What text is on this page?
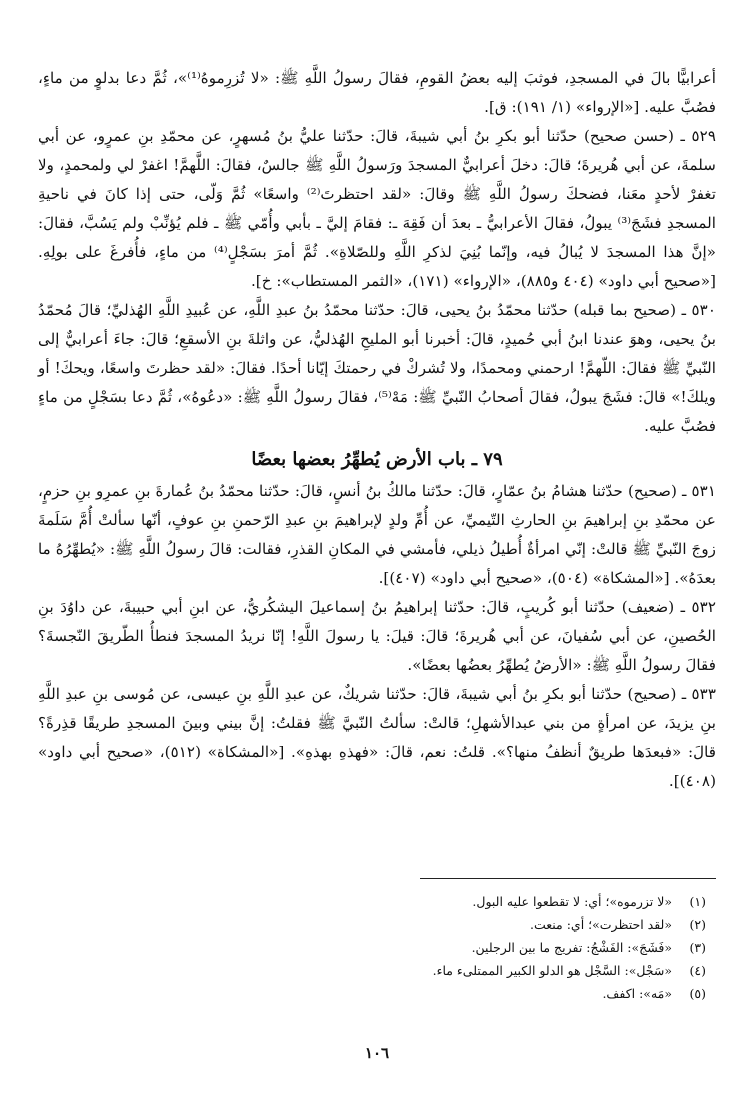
أعرابيًّا بالَ في المسجدِ، فوثبَ إليه بعضُ القومِ، فقالَ رسولُ اللَّهِ ﷺ: «لا تُزرِموهُ⁽¹⁾»، ثُمَّ دعا بدلوٍ من ماءٍ، فصُبَّ عليه. [«الإرواء» (١/ ١٩١): ق].

٥٢٩ ـ (حسن صحيح) حدّثنا أبو بكرِ بنُ أبي شيبةَ، قالَ: حدّثنا عليُّ بنُ مُسهرٍ، عن محمّدِ بنِ عمرٍو، عن أبي سلمةَ، عن أبي هُريرةَ؛ قالَ: دخلَ أعرابيٌّ المسجدَ ورَسولُ اللَّهِ ﷺ جالسٌ، فقالَ: اللَّهمَّ! اغفرْ لي ولمحمدٍ، ولا تغفرْ لأحدٍ معَنا، فضحكَ رسولُ اللَّهِ ﷺ وقالَ: «لقد احتظرتَ⁽²⁾ واسعًا» ثُمَّ وَلّى، حتى إذا كانَ في ناحيةِ المسجدِ فشَجَ⁽³⁾ يبولُ، فقالَ الأعرابيُّ ـ بعدَ أن فَقِهَ ـ: فقامَ إليَّ ـ بأبي وأُمّي ﷺ ـ فلم يُؤنِّبْ ولم يَسُبَّ، فقالَ: «إنَّ هذا المسجدَ لا يُبالُ فيه، وإنّما بُنِيَ لذكرِ اللَّهِ وللصّلاةِ». ثُمَّ أمرَ بسَجْلٍ⁽⁴⁾ من ماءٍ، فأُفرغَ على بولِهِ. [«صحيح أبي داود» (٤٠٤ و٨٨٥)، «الإرواء» (١٧١)، «الثمر المستطاب»: خ].

٥٣٠ ـ (صحيح بما قبله) حدّثنا محمّدُ بنُ يحيى، قالَ: حدّثنا محمّدُ بنُ عبدِ اللَّهِ، عن عُبيدِ اللَّهِ الهُذليِّ؛ قالَ مُحمّدُ بنُ يحيى، وهوَ عندنا ابنُ أبي حُميدٍ، قالَ: أخبرنا أبو المليحِ الهُذليُّ، عن واثلةَ بنِ الأسقعِ؛ قالَ: جاءَ أعرابيٌّ إلى النّبيِّ ﷺ فقالَ: اللّهمَّ! ارحمني ومحمدًا، ولا تُشركْ في رحمتكَ إيّانا أحدًا. فقالَ: «لقد حظرتَ واسعًا، ويحكَ! أو ويلكَ!» قالَ: فشَجَ يبولُ، فقالَ أصحابُ النّبيِّ ﷺ: مَهْ⁽⁵⁾، فقالَ رسولُ اللَّهِ ﷺ: «دعُوهُ»، ثُمَّ دعا بسَجْلٍ من ماءٍ فصُبَّ عليه.

٧٩ ـ باب الأرض يُطهِّرُ بعضها بعضًا

٥٣١ ـ (صحيح) حدّثنا هشامُ بنُ عمّارٍ، قالَ: حدّثنا مالكُ بنُ أنسٍ، قالَ: حدّثنا محمّدُ بنُ عُمارةَ بنِ عمرِو بنِ حزمٍ، عن محمّدِ بنِ إبراهيمَ بنِ الحارثِ التّيميِّ، عن أُمِّ ولدٍ لإبراهيمَ بنِ عبدِ الرّحمنِ بنِ عوفٍ، أنّها سألتْ أُمَّ سَلَمةَ زوجَ النّبيِّ ﷺ قالتْ: إنّي امرأةٌ أُطيلُ ذيلي، فأمشي في المكانِ القذرِ، فقالت: قالَ رسولُ اللَّهِ ﷺ: «يُطهِّرُهُ ما بعدَهُ». [«المشكاة» (٥٠٤)، «صحيح أبي داود» (٤٠٧)].

٥٣٢ ـ (ضعيف) حدّثنا أبو كُريبٍ، قالَ: حدّثنا إبراهيمُ بنُ إسماعيلَ اليشكُريُّ، عن ابنِ أبي حبيبةَ، عن داوُدَ بنِ الحُصينِ، عن أبي سُفيانَ، عن أبي هُريرةَ؛ قالَ: قيلَ: يا رسولَ اللَّهِ! إنّا نريدُ المسجدَ فنطأُ الطّريقَ النّجسةَ؟ فقالَ رسولُ اللَّهِ ﷺ: «الأرضُ يُطهِّرُ بعضُها بعضًا».

٥٣٣ ـ (صحيح) حدّثنا أبو بكرِ بنُ أبي شيبةَ، قالَ: حدّثنا شريكٌ، عن عبدِ اللَّهِ بنِ عيسى، عن مُوسى بنِ عبدِ اللَّهِ بنِ يزيدَ، عن امرأةٍ من بني عبدالأشهلِ؛ قالتْ: سألتُ النّبيَّ ﷺ فقلتُ: إنَّ بيني وبينَ المسجدِ طريقًا قذِرةً؟ قالَ: «فبعدَها طريقٌ أنظفُ منها؟». قلتُ: نعم، قالَ: «فهذهِ بهذهِ». [«المشكاة» (٥١٢)، «صحيح أبي داود» (٤٠٨)].

(١)
«لا تزرموه»؛ أي: لا تقطعوا عليه البول.
(٢)
«لقد احتظرت»؛ أي: منعت.
(٣)
«فَشَجَ»: الفَشْجُ: تفريج ما بين الرجلين.
(٤)
«سَجْل»: السَّجْل هو الدلو الكبير الممتلىء ماء.
(٥)
«مَه»: اكفف.
١٠٦
